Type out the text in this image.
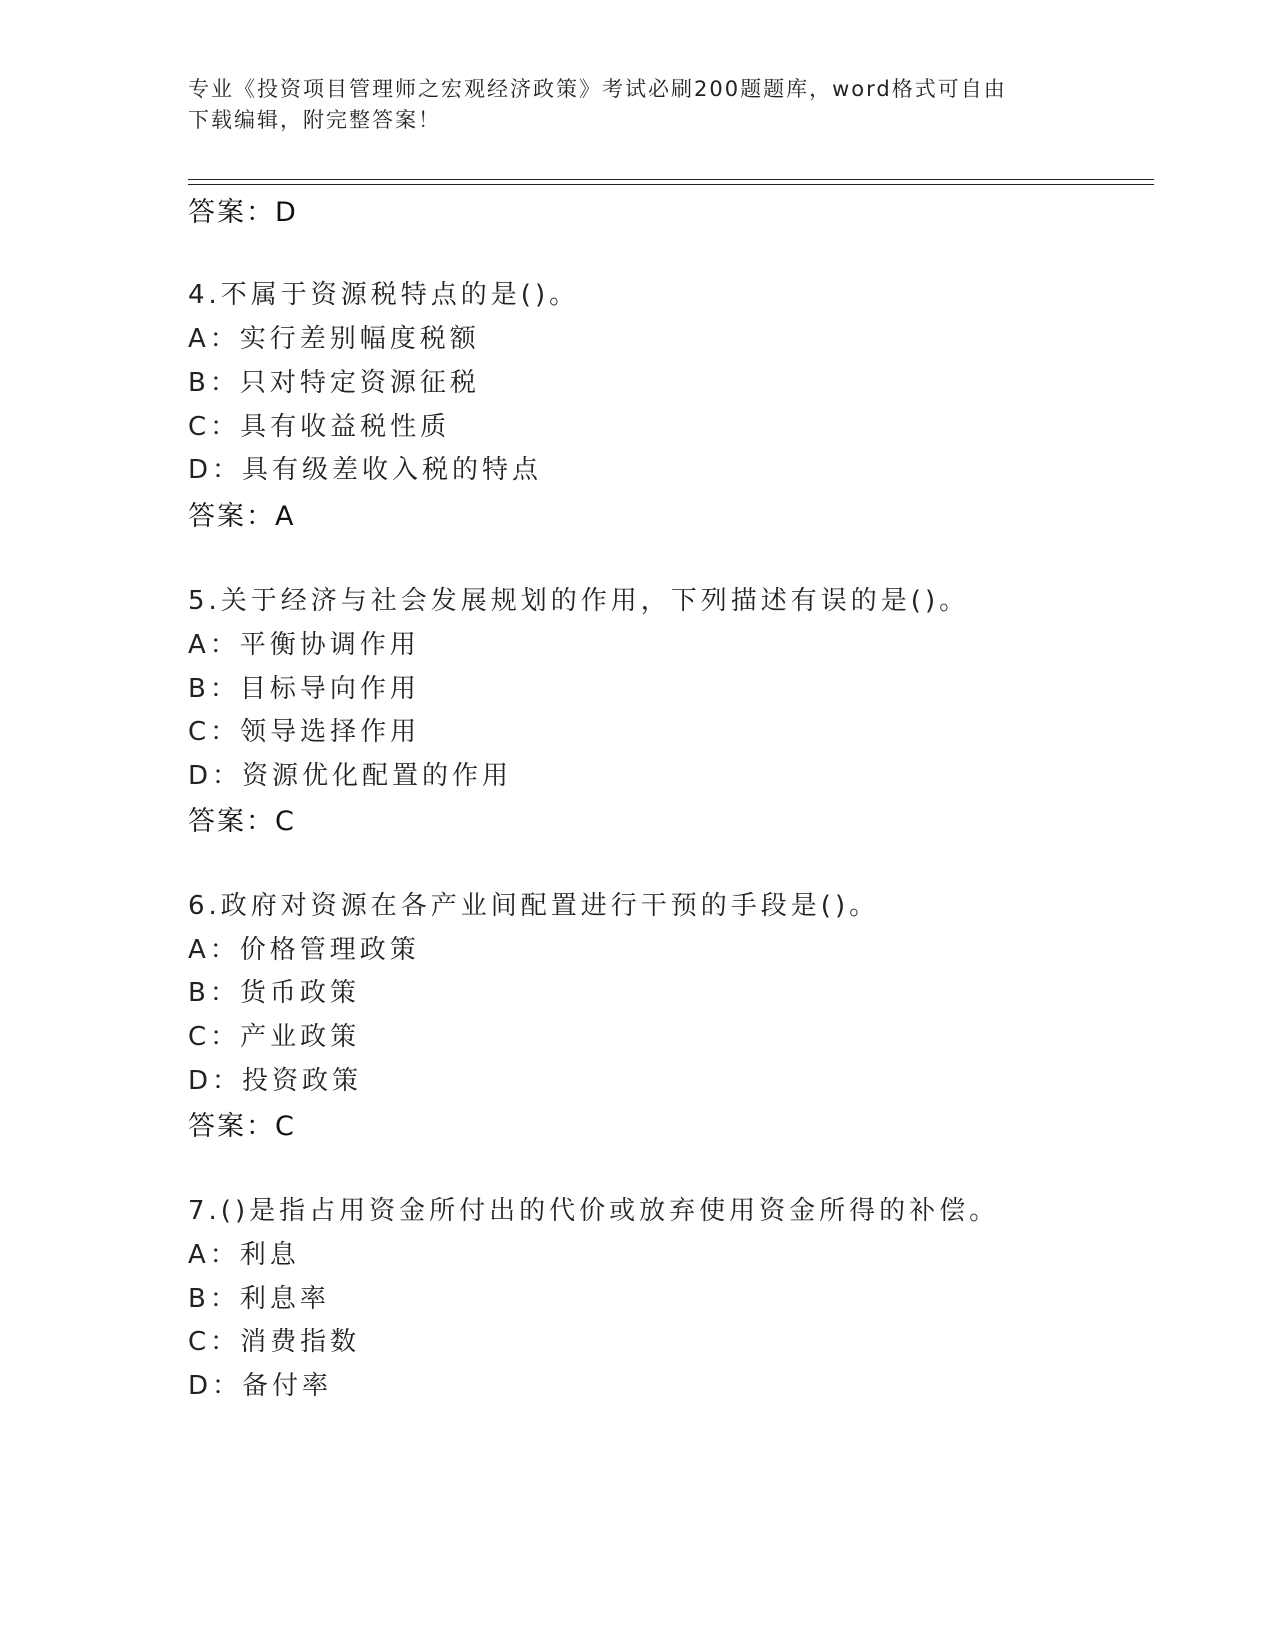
专业《投资项目管理师之宏观经济政策》考试必刷200题题库，word格式可自由

下载编辑，附完整答案！

答案：D
4.不属于资源税特点的是()。
A：实行差别幅度税额
B：只对特定资源征税
C：具有收益税性质
D：具有级差收入税的特点
答案：A
5.关于经济与社会发展规划的作用，下列描述有误的是()。
A：平衡协调作用
B：目标导向作用
C：领导选择作用
D：资源优化配置的作用
答案：C
6.政府对资源在各产业间配置进行干预的手段是()。
A：价格管理政策
B：货币政策
C：产业政策
D：投资政策
答案：C
7.()是指占用资金所付出的代价或放弃使用资金所得的补偿。
A：利息
B：利息率
C：消费指数
D：备付率
